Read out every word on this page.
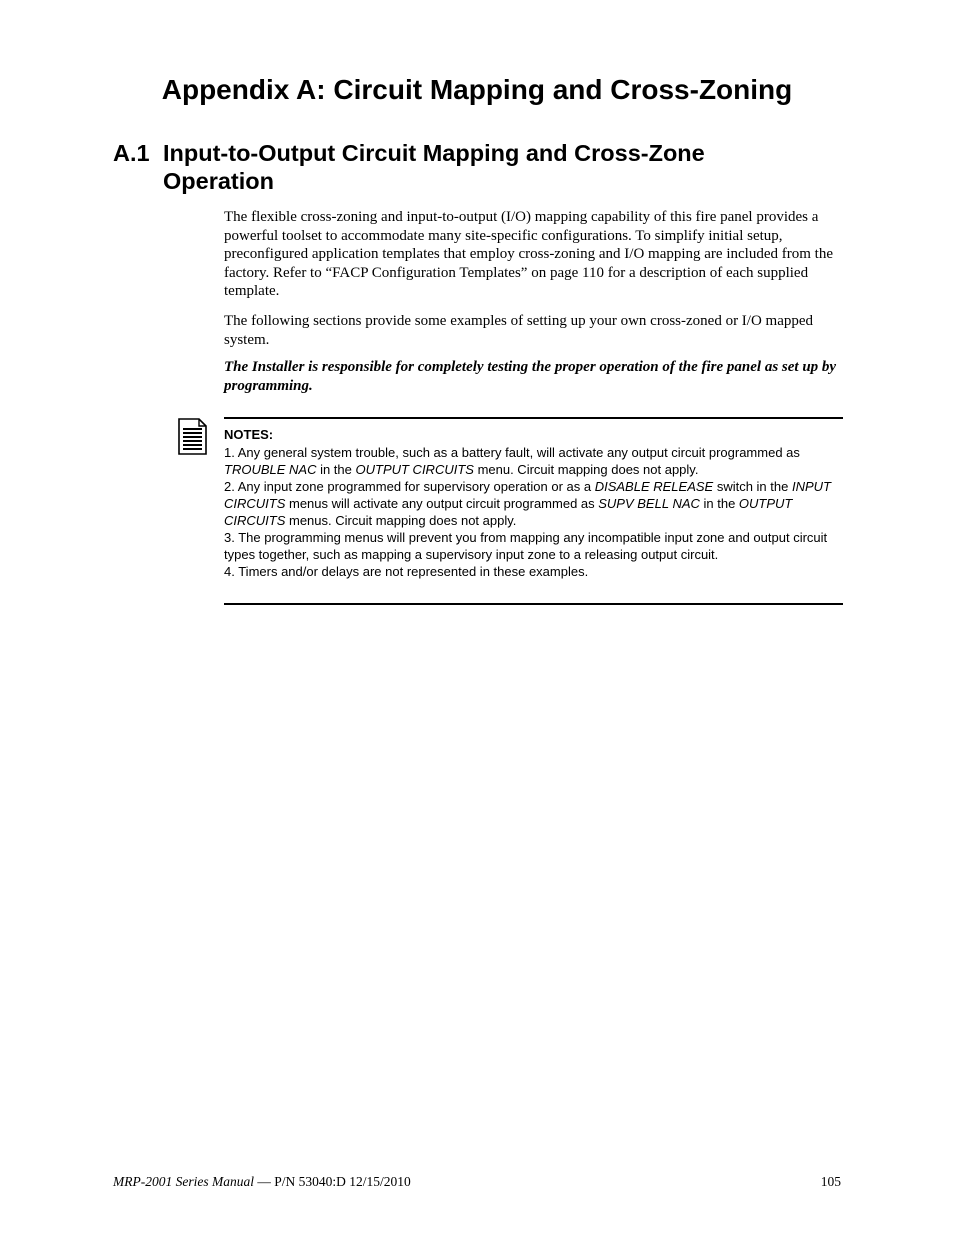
Appendix A: Circuit Mapping and Cross-Zoning
A.1 Input-to-Output Circuit Mapping and Cross-Zone Operation

The flexible cross-zoning and input-to-output (I/O) mapping capability of this fire panel provides a powerful toolset to accommodate many site-specific configurations. To simplify initial setup, preconfigured application templates that employ cross-zoning and I/O mapping are included from the factory. Refer to “FACP Configuration Templates” on page 110 for a description of each supplied template.

The following sections provide some examples of setting up your own cross-zoned or I/O mapped system.

The Installer is responsible for completely testing the proper operation of the fire panel as set up by programming.

NOTES:

1. Any general system trouble, such as a battery fault, will activate any output circuit programmed as TROUBLE NAC in the OUTPUT CIRCUITS menu. Circuit mapping does not apply.

2. Any input zone programmed for supervisory operation or as a DISABLE RELEASE switch in the INPUT CIRCUITS menus will activate any output circuit programmed as SUPV BELL NAC in the OUTPUT CIRCUITS menus. Circuit mapping does not apply.

3. The programming menus will prevent you from mapping any incompatible input zone and output circuit types together, such as mapping a supervisory input zone to a releasing output circuit.

4. Timers and/or delays are not represented in these examples.

MRP-2001 Series Manual — P/N 53040:D 12/15/2010	105
